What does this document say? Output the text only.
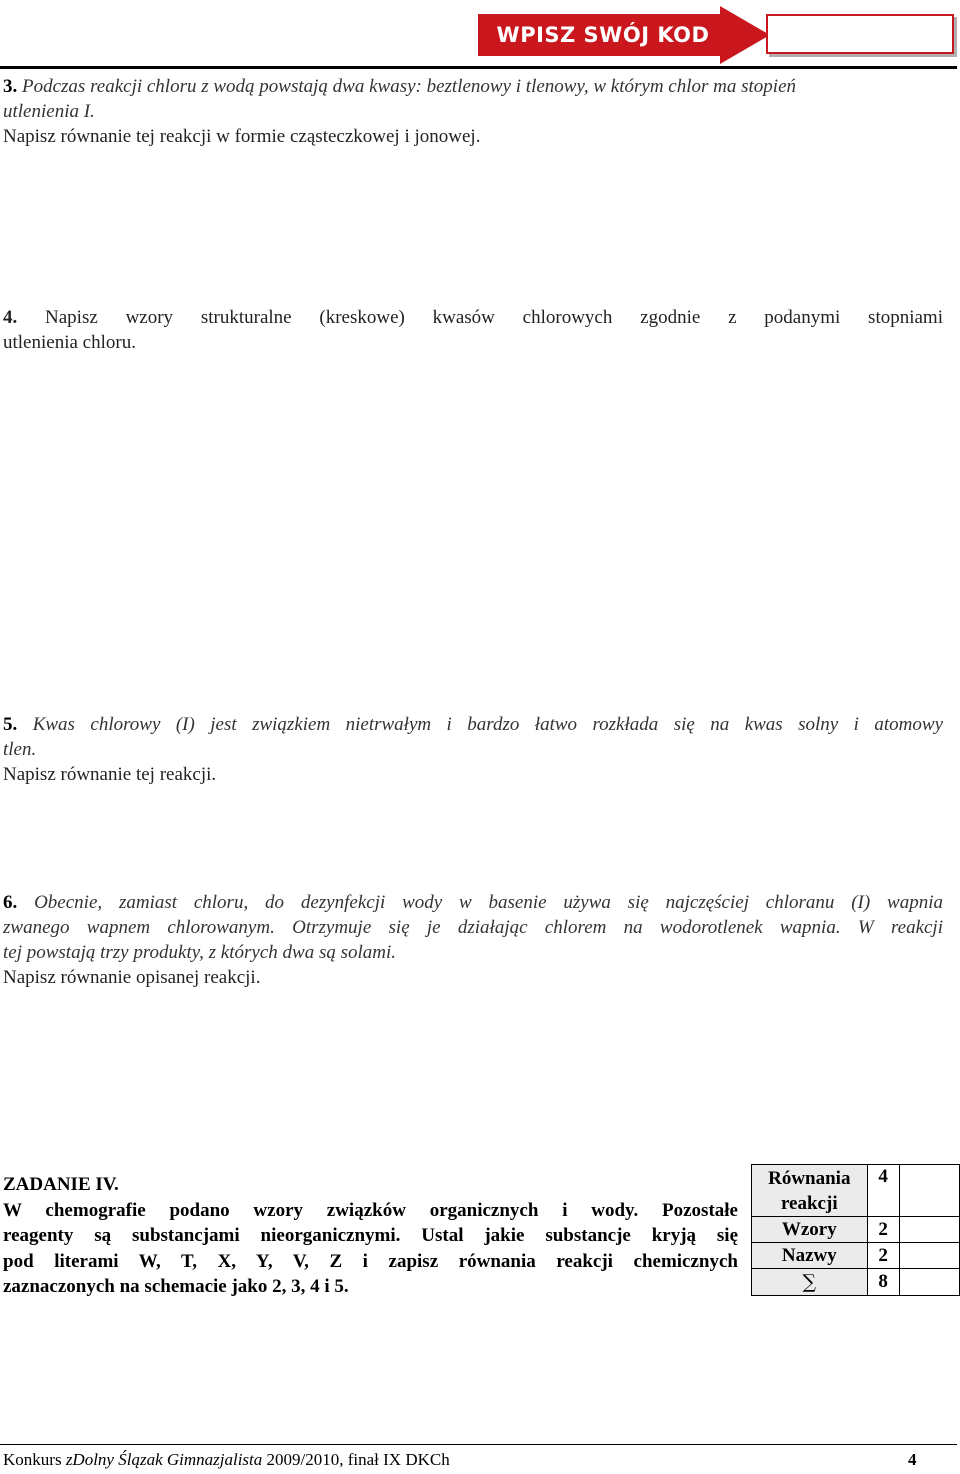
WPISZ SWÓJ KOD
3. Podczas reakcji chloru z wodą powstają dwa kwasy: beztlenowy i tlenowy, w którym chlor ma stopień
utlenienia I.
Napisz równanie tej reakcji w formie cząsteczkowej i jonowej.
4. Napisz wzory strukturalne (kreskowe) kwasów chlorowych zgodnie z podanymi stopniami
utlenienia chloru.
5. Kwas chlorowy (I) jest związkiem nietrwałym i bardzo łatwo rozkłada się na kwas solny i atomowy
tlen.
Napisz równanie tej reakcji.
6. Obecnie, zamiast chloru, do dezynfekcji wody w basenie używa się najczęściej chloranu (I) wapnia
zwanego wapnem chlorowanym. Otrzymuje się je działając chlorem na wodorotlenek wapnia. W reakcji
tej powstają trzy produkty, z których dwa są solami.
Napisz równanie opisanej reakcji.
ZADANIE IV.
W chemografie podano wzory związków organicznych i wody. Pozostałe
reagenty są substancjami nieorganicznymi. Ustal jakie substancje kryją się
pod literami W, T, X, Y, V, Z i zapisz równania reakcji chemicznych
zaznaczonych na schemacie jako 2, 3, 4 i 5.
Równania reakcji	4	
Wzory	2	
Nazwy	2	
∑	8	
Konkurs zDolny Ślązak Gimnazjalista 2009/2010, finał IX DKCh	4
